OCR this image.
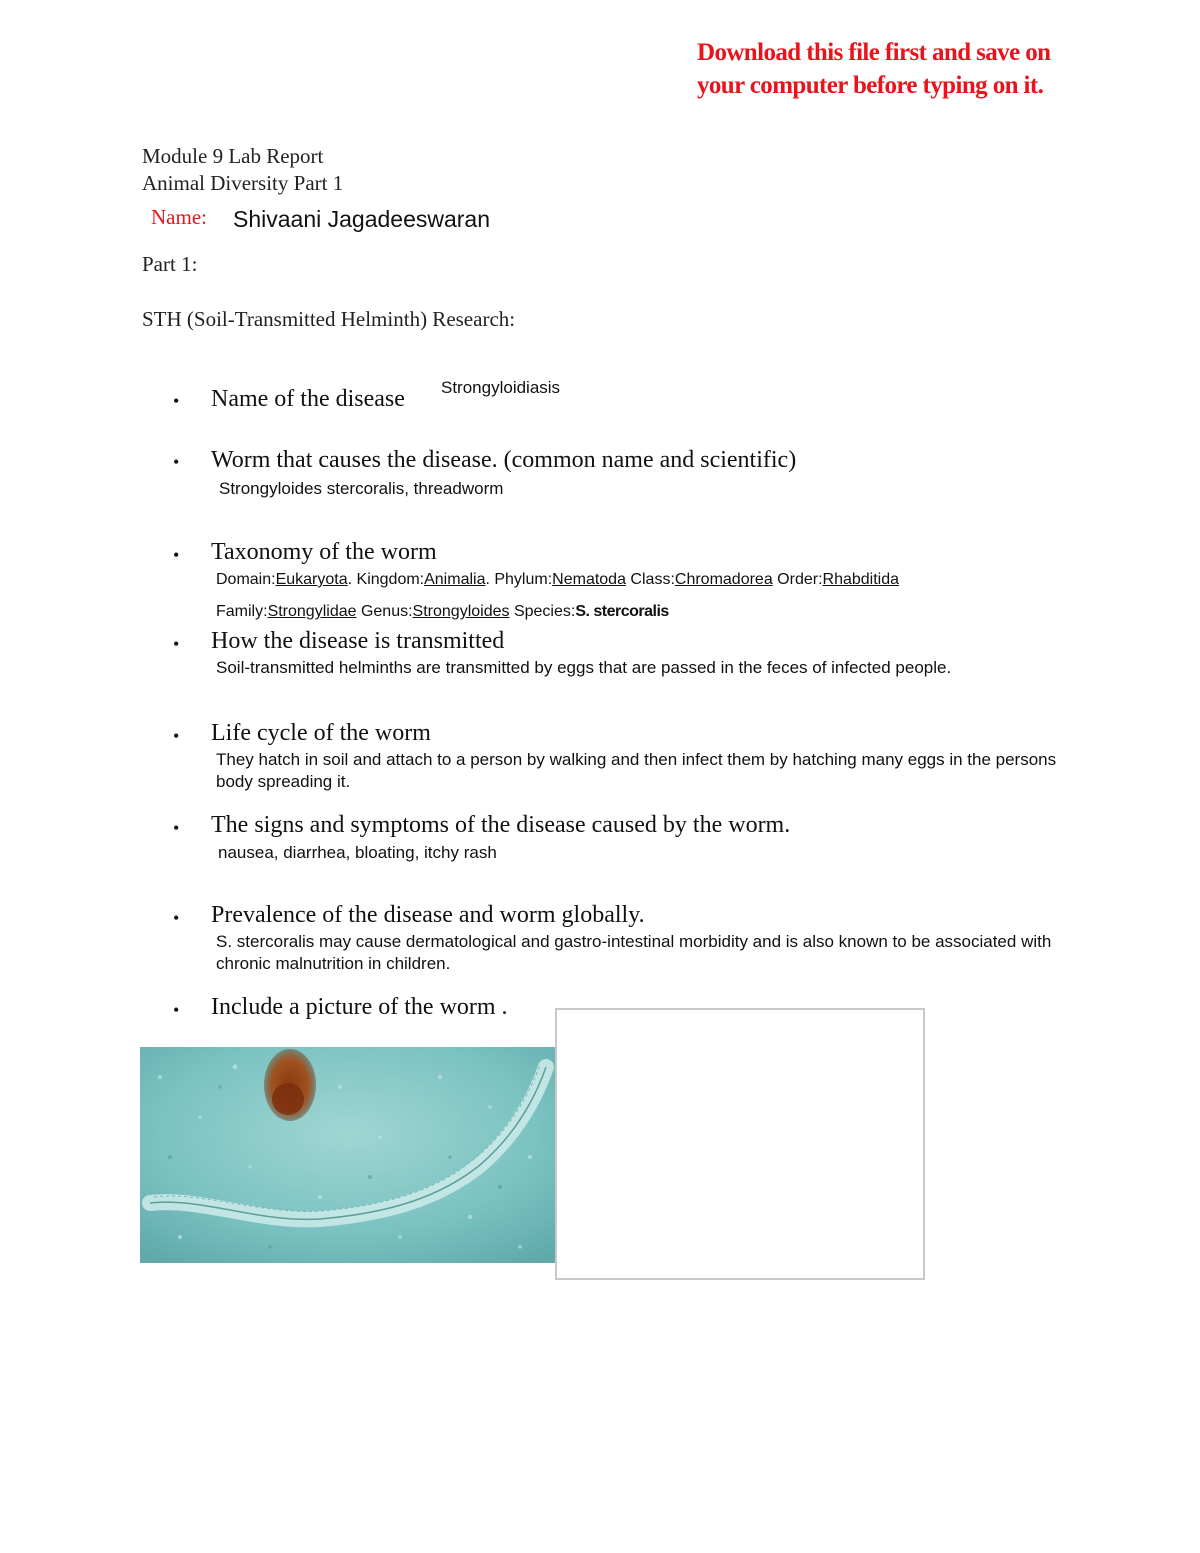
Download this file first and save on your computer before typing on it.
Module 9 Lab Report
Animal Diversity Part 1
Name: Shivaani Jagadeeswaran
Part 1:
STH (Soil-Transmitted Helminth) Research:
• Name of the disease Strongyloidiasis
• Worm that causes the disease. (common name and scientific)
Strongyloides stercoralis, threadworm
• Taxonomy of the worm
Domain:Eukaryota. Kingdom:Animalia. Phylum:Nematoda Class:Chromadorea Order:Rhabditida
Family:Strongylidae Genus:Strongyloides Species:S. stercoralis
• How the disease is transmitted
Soil-transmitted helminths are transmitted by eggs that are passed in the feces of infected people.
• Life cycle of the worm
They hatch in soil and attach to a person by walking and then infect them by hatching many eggs in the persons body spreading it.
• The signs and symptoms of the disease caused by the worm.
nausea, diarrhea, bloating, itchy rash
• Prevalence of the disease and worm globally.
S. stercoralis may cause dermatological and gastro-intestinal morbidity and is also known to be associated with chronic malnutrition in children.
• Include a picture of the worm .
